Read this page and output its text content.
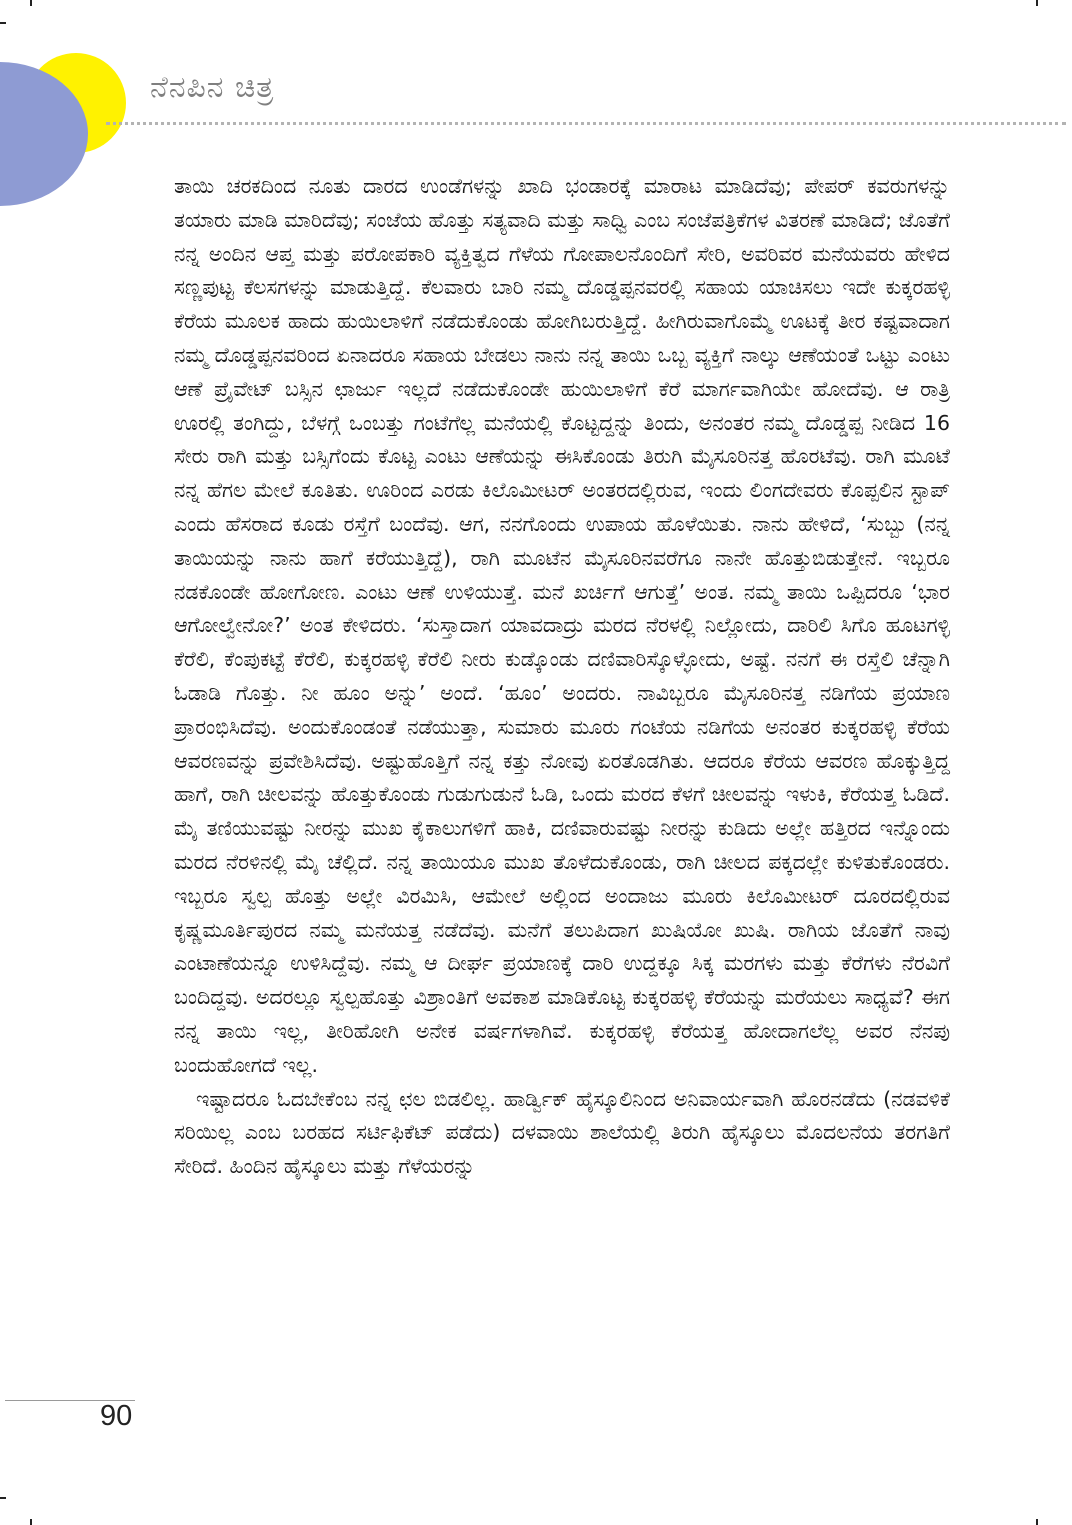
ನೆನಪಿನ ಚಿತ್ರ

ತಾಯಿ ಚರಕದಿಂದ ನೂತು ದಾರದ ಉಂಡೆಗಳನ್ನು ಖಾದಿ ಭಂಡಾರಕ್ಕೆ ಮಾರಾಟ ಮಾಡಿದೆವು; ಪೇಪರ್ ಕವರುಗಳನ್ನು ತಯಾರು ಮಾಡಿ ಮಾರಿದೆವು; ಸಂಜೆಯ ಹೊತ್ತು ಸತ್ಯವಾದಿ ಮತ್ತು ಸಾಧ್ವಿ ಎಂಬ ಸಂಜೆಪತ್ರಿಕೆಗಳ ವಿತರಣೆ ಮಾಡಿದೆ; ಜೊತೆಗೆ ನನ್ನ ಅಂದಿನ ಆಪ್ತ ಮತ್ತು ಪರೋಪಕಾರಿ ವ್ಯಕ್ತಿತ್ವದ ಗೆಳೆಯ ಗೋಪಾಲನೊಂದಿಗೆ ಸೇರಿ, ಅವರಿವರ ಮನೆಯವರು ಹೇಳಿದ ಸಣ್ಣಪುಟ್ಟ ಕೆಲಸಗಳನ್ನು ಮಾಡುತ್ತಿದ್ದೆ. ಕೆಲವಾರು ಬಾರಿ ನಮ್ಮ ದೊಡ್ಡಪ್ಪನವರಲ್ಲಿ ಸಹಾಯ ಯಾಚಿಸಲು ಇದೇ ಕುಕ್ಕರಹಳ್ಳಿ ಕೆರೆಯ ಮೂಲಕ ಹಾದು ಹುಯಿಲಾಳಿಗೆ ನಡೆದುಕೊಂಡು ಹೋಗಿಬರುತ್ತಿದ್ದೆ. ಹೀಗಿರುವಾಗೊಮ್ಮೆ ಊಟಕ್ಕೆ ತೀರ ಕಷ್ಟವಾದಾಗ ನಮ್ಮ ದೊಡ್ಡಪ್ಪನವರಿಂದ ಏನಾದರೂ ಸಹಾಯ ಬೇಡಲು ನಾನು ನನ್ನ ತಾಯಿ ಒಬ್ಬ ವ್ಯಕ್ತಿಗೆ ನಾಲ್ಕು ಆಣೆಯಂತೆ ಒಟ್ಟು ಎಂಟು ಆಣೆ ಪ್ರೈವೇಟ್ ಬಸ್ಸಿನ ಛಾರ್ಜು ಇಲ್ಲದೆ ನಡೆದುಕೊಂಡೇ ಹುಯಿಲಾಳಿಗೆ ಕೆರೆ ಮಾರ್ಗವಾಗಿಯೇ ಹೋದೆವು. ಆ ರಾತ್ರಿ ಊರಲ್ಲಿ ತಂಗಿದ್ದು, ಬೆಳಗ್ಗೆ ಒಂಬತ್ತು ಗಂಟೆಗೆಲ್ಲ ಮನೆಯಲ್ಲಿ ಕೊಟ್ಟದ್ದನ್ನು ತಿಂದು, ಅನಂತರ ನಮ್ಮ ದೊಡ್ಡಪ್ಪ ನೀಡಿದ 16 ಸೇರು ರಾಗಿ ಮತ್ತು ಬಸ್ಸಿಗೆಂದು ಕೊಟ್ಟ ಎಂಟು ಆಣೆಯನ್ನು ಈಸಿಕೊಂಡು ತಿರುಗಿ ಮೈಸೂರಿನತ್ತ ಹೊರಟೆವು. ರಾಗಿ ಮೂಟೆ ನನ್ನ ಹೆಗಲ ಮೇಲೆ ಕೂತಿತು. ಊರಿಂದ ಎರಡು ಕಿಲೊಮೀಟರ್ ಅಂತರದಲ್ಲಿರುವ, ಇಂದು ಲಿಂಗದೇವರು ಕೊಪ್ಪಲಿನ ಸ್ಟಾಪ್ ಎಂದು ಹೆಸರಾದ ಕೂಡು ರಸ್ತೆಗೆ ಬಂದೆವು. ಆಗ, ನನಗೊಂದು ಉಪಾಯ ಹೊಳೆಯಿತು. ನಾನು ಹೇಳಿದೆ, ‘ಸುಬ್ಬು (ನನ್ನ ತಾಯಿಯನ್ನು ನಾನು ಹಾಗೆ ಕರೆಯುತ್ತಿದ್ದೆ), ರಾಗಿ ಮೂಟೆನ ಮೈಸೂರಿನವರೆಗೂ ನಾನೇ ಹೊತ್ತುಬಿಡುತ್ತೇನೆ. ಇಬ್ಬರೂ ನಡಕೊಂಡೇ ಹೋಗೋಣ. ಎಂಟು ಆಣೆ ಉಳಿಯುತ್ತೆ. ಮನೆ ಖರ್ಚಿಗೆ ಆಗುತ್ತೆ’ ಅಂತ. ನಮ್ಮ ತಾಯಿ ಒಪ್ಪಿದರೂ ‘ಭಾರ ಆಗೋಲ್ವೇನೋ?’ ಅಂತ ಕೇಳಿದರು. ‘ಸುಸ್ತಾದಾಗ ಯಾವದಾದ್ರು ಮರದ ನೆರಳಲ್ಲಿ ನಿಲ್ಲೋದು, ದಾರಿಲಿ ಸಿಗೊ ಹೂಟಗಳ್ಳಿ ಕೆರೆಲಿ, ಕೆಂಪುಕಟ್ಟೆ ಕೆರೆಲಿ, ಕುಕ್ಕರಹಳ್ಳಿ ಕೆರೆಲಿ ನೀರು ಕುಡ್ಕೊಂಡು ದಣಿವಾರಿಸ್ಕೊಳ್ಳೋದು, ಅಷ್ಟೆ. ನನಗೆ ಈ ರಸ್ತೆಲಿ ಚೆನ್ನಾಗಿ ಓಡಾಡಿ ಗೊತ್ತು. ನೀ ಹೂಂ ಅನ್ನು’ ಅಂದೆ. ‘ಹೂಂ’ ಅಂದರು. ನಾವಿಬ್ಬರೂ ಮೈಸೂರಿನತ್ತ ನಡಿಗೆಯ ಪ್ರಯಾಣ ಪ್ರಾರಂಭಿಸಿದೆವು. ಅಂದುಕೊಂಡಂತೆ ನಡೆಯುತ್ತಾ, ಸುಮಾರು ಮೂರು ಗಂಟೆಯ ನಡಿಗೆಯ ಅನಂತರ ಕುಕ್ಕರಹಳ್ಳಿ ಕೆರೆಯ ಆವರಣವನ್ನು ಪ್ರವೇಶಿಸಿದೆವು. ಅಷ್ಟುಹೊತ್ತಿಗೆ ನನ್ನ ಕತ್ತು ನೋವು ಏರತೊಡಗಿತು. ಆದರೂ ಕೆರೆಯ ಆವರಣ ಹೊಕ್ಕುತ್ತಿದ್ದ ಹಾಗೆ, ರಾಗಿ ಚೀಲವನ್ನು ಹೊತ್ತುಕೊಂಡು ಗುಡುಗುಡುನೆ ಓಡಿ, ಒಂದು ಮರದ ಕೆಳಗೆ ಚೀಲವನ್ನು ಇಳುಕಿ, ಕೆರೆಯತ್ತ ಓಡಿದೆ. ಮೈ ತಣಿಯುವಷ್ಟು ನೀರನ್ನು ಮುಖ ಕೈಕಾಲುಗಳಿಗೆ ಹಾಕಿ, ದಣಿವಾರುವಷ್ಟು ನೀರನ್ನು ಕುಡಿದು ಅಲ್ಲೇ ಹತ್ತಿರದ ಇನ್ನೊಂದು ಮರದ ನೆರಳಿನಲ್ಲಿ ಮೈ ಚೆಲ್ಲಿದೆ. ನನ್ನ ತಾಯಿಯೂ ಮುಖ ತೊಳೆದುಕೊಂಡು, ರಾಗಿ ಚೀಲದ ಪಕ್ಕದಲ್ಲೇ ಕುಳಿತುಕೊಂಡರು. ಇಬ್ಬರೂ ಸ್ವಲ್ಪ ಹೊತ್ತು ಅಲ್ಲೇ ವಿರಮಿಸಿ, ಆಮೇಲೆ ಅಲ್ಲಿಂದ ಅಂದಾಜು ಮೂರು ಕಿಲೊಮೀಟರ್ ದೂರದಲ್ಲಿರುವ ಕೃಷ್ಣಮೂರ್ತಿಪುರದ ನಮ್ಮ ಮನೆಯತ್ತ ನಡೆದೆವು. ಮನೆಗೆ ತಲುಪಿದಾಗ ಖುಷಿಯೋ ಖುಷಿ. ರಾಗಿಯ ಜೊತೆಗೆ ನಾವು ಎಂಟಾಣೆಯನ್ನೂ ಉಳಿಸಿದ್ದೆವು. ನಮ್ಮ ಆ ದೀರ್ಘ ಪ್ರಯಾಣಕ್ಕೆ ದಾರಿ ಉದ್ದಕ್ಕೂ ಸಿಕ್ಕ ಮರಗಳು ಮತ್ತು ಕೆರೆಗಳು ನೆರವಿಗೆ ಬಂದಿದ್ದವು. ಅದರಲ್ಲೂ ಸ್ವಲ್ಪಹೊತ್ತು ವಿಶ್ರಾಂತಿಗೆ ಅವಕಾಶ ಮಾಡಿಕೊಟ್ಟ ಕುಕ್ಕರಹಳ್ಳಿ ಕೆರೆಯನ್ನು ಮರೆಯಲು ಸಾಧ್ಯವೆ? ಈಗ ನನ್ನ ತಾಯಿ ಇಲ್ಲ, ತೀರಿಹೋಗಿ ಅನೇಕ ವರ್ಷಗಳಾಗಿವೆ. ಕುಕ್ಕರಹಳ್ಳಿ ಕೆರೆಯತ್ತ ಹೋದಾಗಲೆಲ್ಲ ಅವರ ನೆನಪು ಬಂದುಹೋಗದೆ ಇಲ್ಲ.

ಇಷ್ಟಾದರೂ ಓದಬೇಕೆಂಬ ನನ್ನ ಛಲ ಬಿಡಲಿಲ್ಲ. ಹಾರ್ಡ್ವಿಕ್ ಹೈಸ್ಕೂಲಿನಿಂದ ಅನಿವಾರ್ಯವಾಗಿ ಹೊರನಡೆದು (ನಡವಳಿಕೆ ಸರಿಯಿಲ್ಲ ಎಂಬ ಬರಹದ ಸರ್ಟಿಫಿಕೆಟ್ ಪಡೆದು) ದಳವಾಯಿ ಶಾಲೆಯಲ್ಲಿ ತಿರುಗಿ ಹೈಸ್ಕೂಲು ಮೊದಲನೆಯ ತರಗತಿಗೆ ಸೇರಿದೆ. ಹಿಂದಿನ ಹೈಸ್ಕೂಲು ಮತ್ತು ಗೆಳೆಯರನ್ನು

90
